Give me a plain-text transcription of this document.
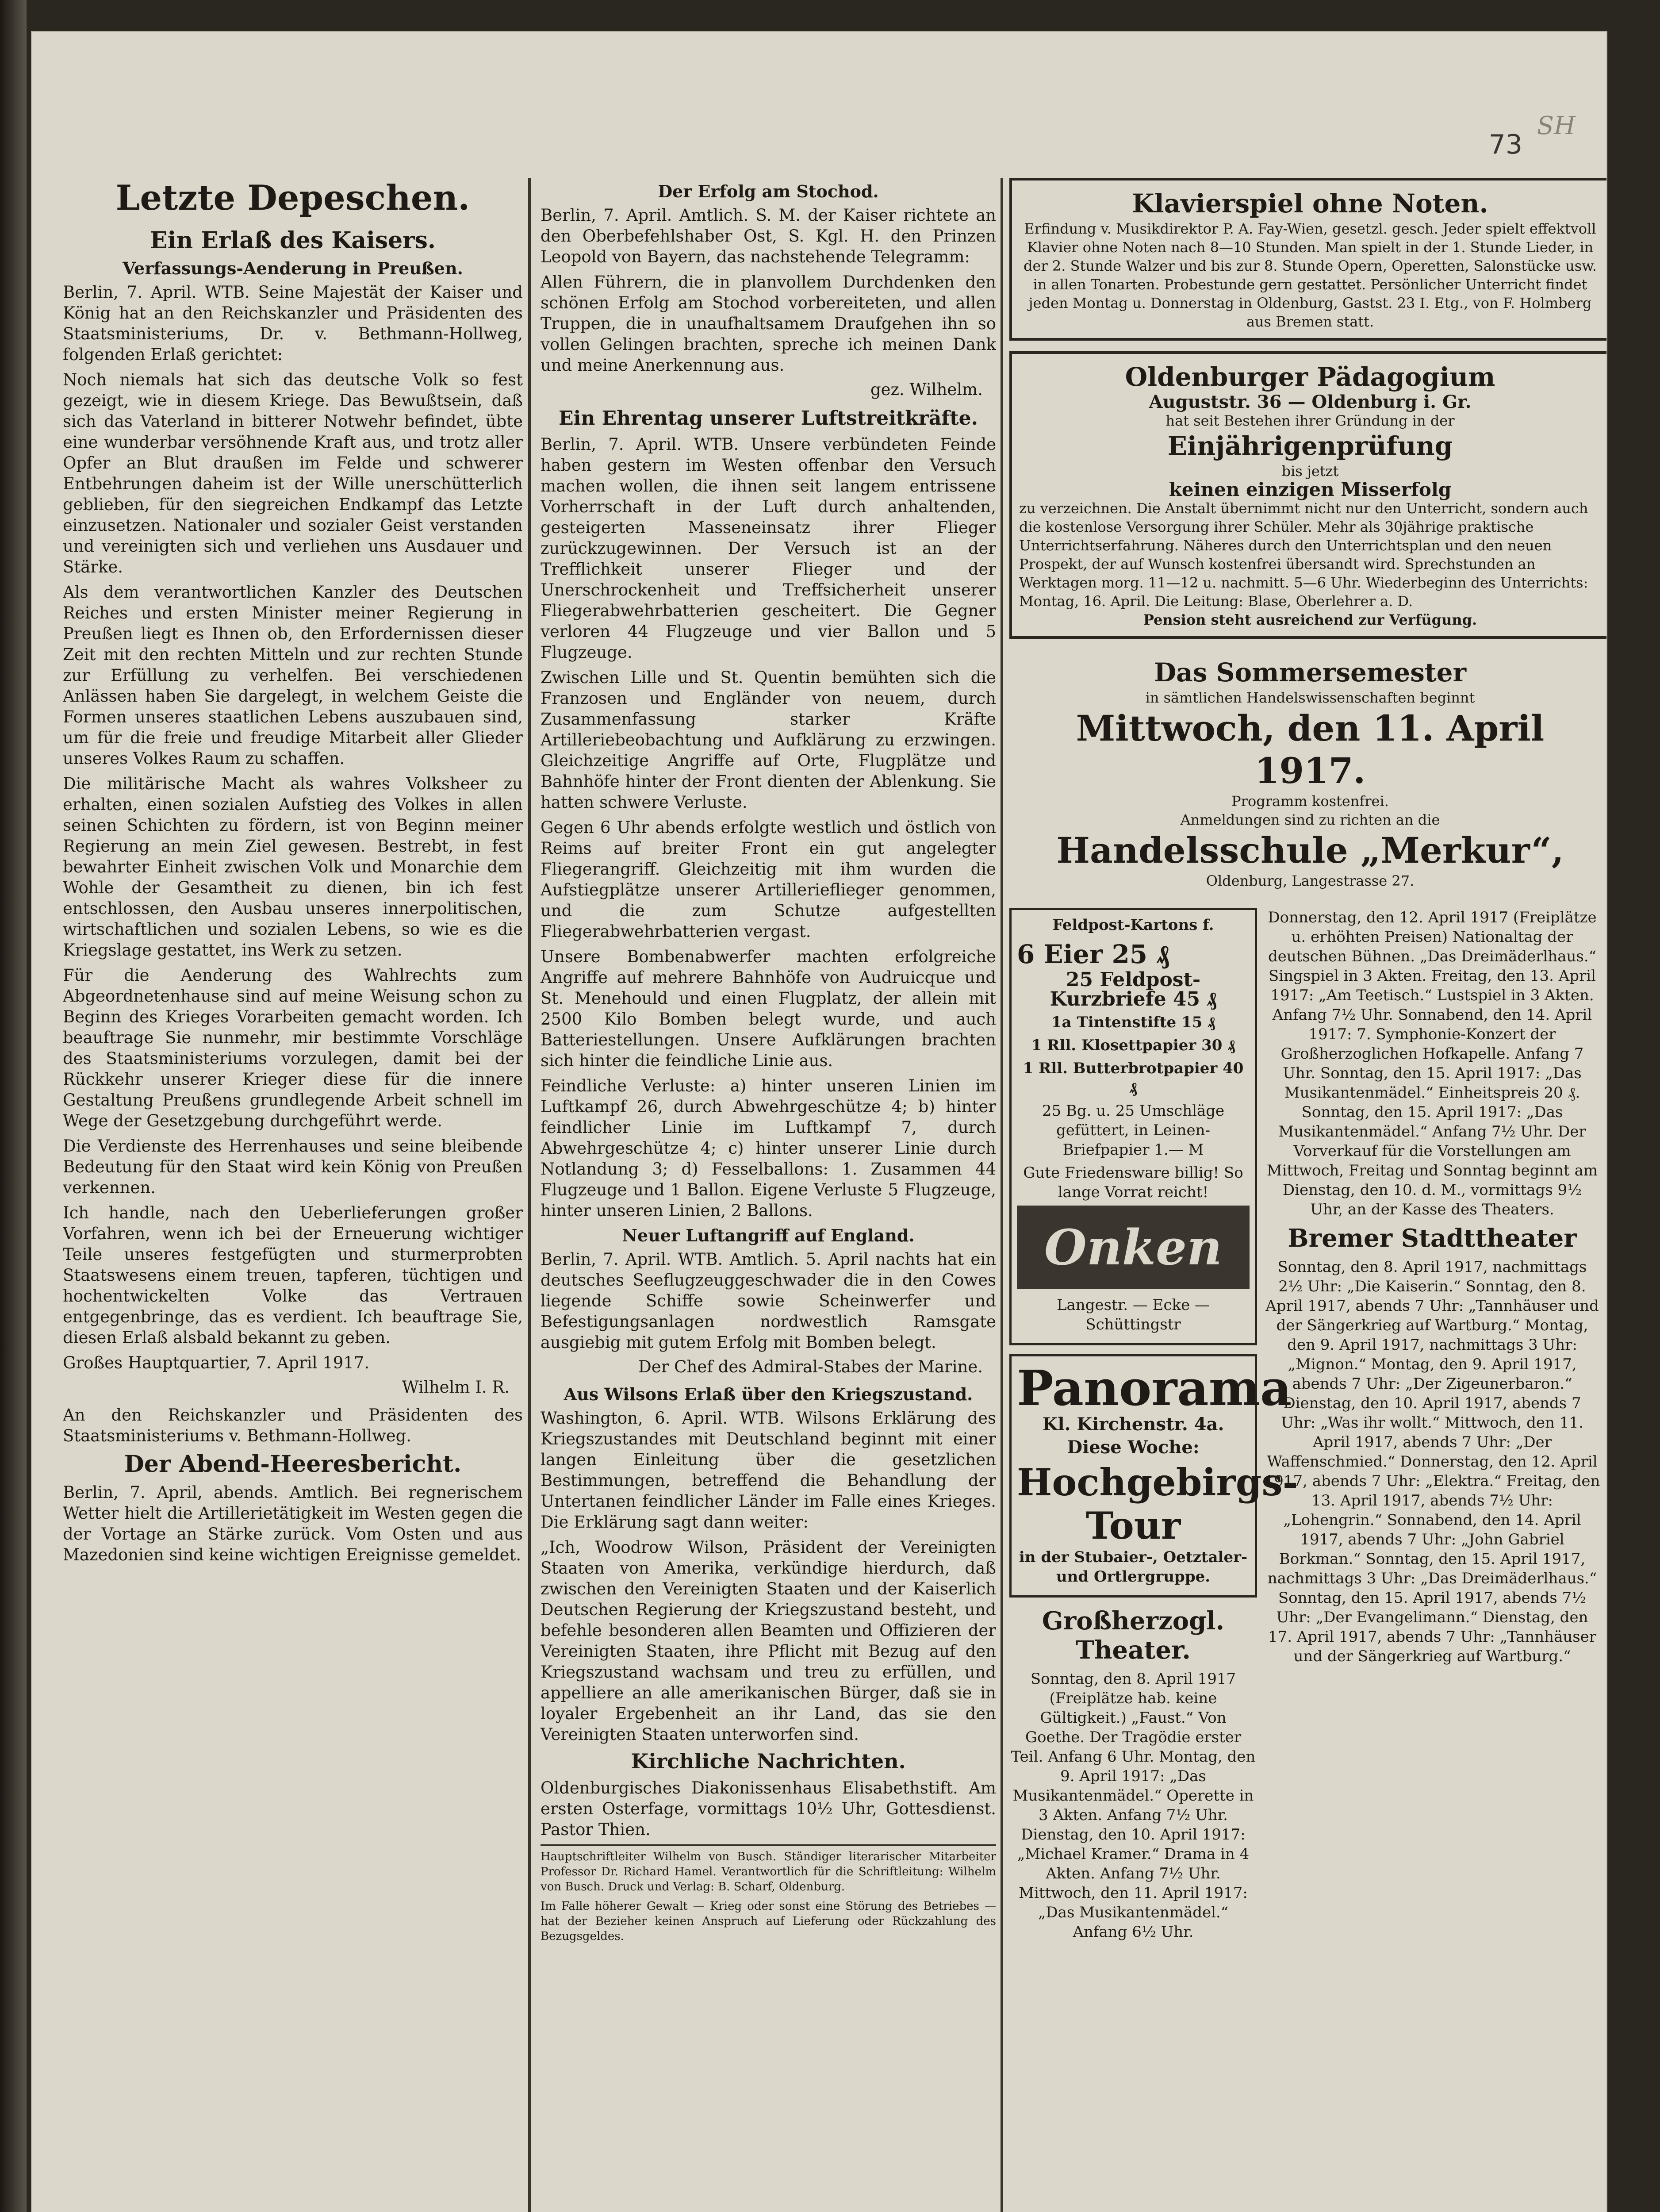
73
SH
Letzte Depeschen.
Ein Erlaß des Kaisers.
Verfassungs-Aenderung in Preußen.

Berlin, 7. April. WTB. Seine Majestät der Kaiser und König hat an den Reichskanzler und Präsidenten des Staatsministeriums, Dr. v. Bethmann-Hollweg, folgenden Erlaß gerichtet:

Noch niemals hat sich das deutsche Volk so fest gezeigt, wie in diesem Kriege. Das Bewußtsein, daß sich das Vaterland in bitterer Notwehr befindet, übte eine wunderbar versöhnende Kraft aus, und trotz aller Opfer an Blut draußen im Felde und schwerer Entbehrungen daheim ist der Wille unerschütterlich geblieben, für den siegreichen Endkampf das Letzte einzusetzen. Nationaler und sozialer Geist verstanden und vereinigten sich und verliehen uns Ausdauer und Stärke.

Als dem verantwortlichen Kanzler des Deutschen Reiches und ersten Minister meiner Regierung in Preußen liegt es Ihnen ob, den Erfordernissen dieser Zeit mit den rechten Mitteln und zur rechten Stunde zur Erfüllung zu verhelfen. Bei verschiedenen Anlässen haben Sie dargelegt, in welchem Geiste die Formen unseres staatlichen Lebens auszubauen sind, um für die freie und freudige Mitarbeit aller Glieder unseres Volkes Raum zu schaffen.

Die militärische Macht als wahres Volksheer zu erhalten, einen sozialen Aufstieg des Volkes in allen seinen Schichten zu fördern, ist von Beginn meiner Regierung an mein Ziel gewesen. Bestrebt, in fest bewahrter Einheit zwischen Volk und Monarchie dem Wohle der Gesamtheit zu dienen, bin ich fest entschlossen, den Ausbau unseres innerpolitischen, wirtschaftlichen und sozialen Lebens, so wie es die Kriegslage gestattet, ins Werk zu setzen.

Für die Aenderung des Wahlrechts zum Abgeordnetenhause sind auf meine Weisung schon zu Beginn des Krieges Vorarbeiten gemacht worden. Ich beauftrage Sie nunmehr, mir bestimmte Vorschläge des Staatsministeriums vorzulegen, damit bei der Rückkehr unserer Krieger diese für die innere Gestaltung Preußens grundlegende Arbeit schnell im Wege der Gesetzgebung durchgeführt werde.

Die Verdienste des Herrenhauses und seine bleibende Bedeutung für den Staat wird kein König von Preußen verkennen.

Ich handle, nach den Ueberlieferungen großer Vorfahren, wenn ich bei der Erneuerung wichtiger Teile unseres festgefügten und sturmerprobten Staatswesens einem treuen, tapferen, tüchtigen und hochentwickelten Volke das Vertrauen entgegenbringe, das es verdient. Ich beauftrage Sie, diesen Erlaß alsbald bekannt zu geben.

Großes Hauptquartier, 7. April 1917.

Wilhelm I. R.

An den Reichskanzler und Präsidenten des Staatsministeriums v. Bethmann-Hollweg.

Der Abend-Heeresbericht.

Berlin, 7. April, abends. Amtlich. Bei regnerischem Wetter hielt die Artillerietätigkeit im Westen gegen die der Vortage an Stärke zurück. Vom Osten und aus Mazedonien sind keine wichtigen Ereignisse gemeldet.

Der Erfolg am Stochod.

Berlin, 7. April. Amtlich. S. M. der Kaiser richtete an den Oberbefehlshaber Ost, S. Kgl. H. den Prinzen Leopold von Bayern, das nachstehende Telegramm:

Allen Führern, die in planvollem Durchdenken den schönen Erfolg am Stochod vorbereiteten, und allen Truppen, die in unaufhaltsamem Draufgehen ihn so vollen Gelingen brachten, spreche ich meinen Dank und meine Anerkennung aus.

gez. Wilhelm.
Ein Ehrentag unserer Luftstreitkräfte.

Berlin, 7. April. WTB. Unsere verbündeten Feinde haben gestern im Westen offenbar den Versuch machen wollen, die ihnen seit langem entrissene Vorherrschaft in der Luft durch anhaltenden, gesteigerten Masseneinsatz ihrer Flieger zurückzugewinnen. Der Versuch ist an der Trefflichkeit unserer Flieger und der Unerschrockenheit und Treffsicherheit unserer Fliegerabwehrbatterien gescheitert. Die Gegner verloren 44 Flugzeuge und vier Ballon und 5 Flugzeuge.

Zwischen Lille und St. Quentin bemühten sich die Franzosen und Engländer von neuem, durch Zusammenfassung starker Kräfte Artilleriebeobachtung und Aufklärung zu erzwingen. Gleichzeitige Angriffe auf Orte, Flugplätze und Bahnhöfe hinter der Front dienten der Ablenkung. Sie hatten schwere Verluste.

Gegen 6 Uhr abends erfolgte westlich und östlich von Reims auf breiter Front ein gut angelegter Fliegerangriff. Gleichzeitig mit ihm wurden die Aufstiegplätze unserer Artillerieflieger genommen, und die zum Schutze aufgestellten Fliegerabwehrbatterien vergast.

Unsere Bombenabwerfer machten erfolgreiche Angriffe auf mehrere Bahnhöfe von Audruicque und St. Menehould und einen Flugplatz, der allein mit 2500 Kilo Bomben belegt wurde, und auch Batteriestellungen. Unsere Aufklärungen brachten sich hinter die feindliche Linie aus.

Feindliche Verluste: a) hinter unseren Linien im Luftkampf 26, durch Abwehrgeschütze 4; b) hinter feindlicher Linie im Luftkampf 7, durch Abwehrgeschütze 4; c) hinter unserer Linie durch Notlandung 3; d) Fesselballons: 1. Zusammen 44 Flugzeuge und 1 Ballon. Eigene Verluste 5 Flugzeuge, hinter unseren Linien, 2 Ballons.

Neuer Luftangriff auf England.

Berlin, 7. April. WTB. Amtlich. 5. April nachts hat ein deutsches Seeflugzeuggeschwader die in den Cowes liegende Schiffe sowie Scheinwerfer und Befestigungsanlagen nordwestlich Ramsgate ausgiebig mit gutem Erfolg mit Bomben belegt.

Der Chef des Admiral-Stabes der Marine.
Aus Wilsons Erlaß über den Kriegszustand.

Washington, 6. April. WTB. Wilsons Erklärung des Kriegszustandes mit Deutschland beginnt mit einer langen Einleitung über die gesetzlichen Bestimmungen, betreffend die Behandlung der Untertanen feindlicher Länder im Falle eines Krieges. Die Erklärung sagt dann weiter:

„Ich, Woodrow Wilson, Präsident der Vereinigten Staaten von Amerika, verkündige hierdurch, daß zwischen den Vereinigten Staaten und der Kaiserlich Deutschen Regierung der Kriegszustand besteht, und befehle besonderen allen Beamten und Offizieren der Vereinigten Staaten, ihre Pflicht mit Bezug auf den Kriegszustand wachsam und treu zu erfüllen, und appelliere an alle amerikanischen Bürger, daß sie in loyaler Ergebenheit an ihr Land, das sie den Vereinigten Staaten unterworfen sind.

Kirchliche Nachrichten.

Oldenburgisches Diakonissenhaus Elisabethstift. Am ersten Osterfage, vormittags 10½ Uhr, Gottesdienst. Pastor Thien.

Hauptschriftleiter Wilhelm von Busch. Ständiger literarischer Mitarbeiter Professor Dr. Richard Hamel. Verantwortlich für die Schriftleitung: Wilhelm von Busch. Druck und Verlag: B. Scharf, Oldenburg.

Im Falle höherer Gewalt — Krieg oder sonst eine Störung des Betriebes — hat der Bezieher keinen Anspruch auf Lieferung oder Rückzahlung des Bezugsgeldes.

Klavierspiel ohne Noten.
Erfindung v. Musikdirektor P. A. Fay-Wien, gesetzl. gesch. Jeder spielt effektvoll Klavier ohne Noten nach 8—10 Stunden. Man spielt in der 1. Stunde Lieder, in der 2. Stunde Walzer und bis zur 8. Stunde Opern, Operetten, Salonstücke usw. in allen Tonarten. Probestunde gern gestattet. Persönlicher Unterricht findet jeden Montag u. Donnerstag in Oldenburg, Gastst. 23 I. Etg., von F. Holmberg aus Bremen statt.
Oldenburger Pädagogium
Auguststr. 36 — Oldenburg i. Gr.
hat seit Bestehen ihrer Gründung in der
Einjährigenprüfung
bis jetzt
keinen einzigen Misserfolg
zu verzeichnen. Die Anstalt übernimmt nicht nur den Unterricht, sondern auch die kostenlose Versorgung ihrer Schüler. Mehr als 30jährige praktische Unterrichtserfahrung. Näheres durch den Unterrichtsplan und den neuen Prospekt, der auf Wunsch kostenfrei übersandt wird. Sprechstunden an Werktagen morg. 11—12 u. nachmitt. 5—6 Uhr. Wiederbeginn des Unterrichts: Montag, 16. April. Die Leitung: Blase, Oberlehrer a. D.
Pension steht ausreichend zur Verfügung.
Das Sommersemester
in sämtlichen Handelswissenschaften beginnt
Mittwoch, den 11. April 1917.
Programm kostenfrei.
Anmeldungen sind zu richten an die
Handelsschule „Merkur“,
Oldenburg, Langestrasse 27.
Feldpost-Kartons f.
6 Eier 25 ₰
25 Feldpost-Kurzbriefe 45 ₰
1a Tintenstifte 15 ₰
1 Rll. Klosettpapier 30 ₰
1 Rll. Butterbrotpapier 40 ₰
25 Bg. u. 25 Umschläge gefüttert, in Leinen-Briefpapier 1.— M
Gute Friedensware billig! So lange Vorrat reicht!
Onken
Langestr. — Ecke — Schüttingstr
Panorama
Kl. Kirchenstr. 4a.
Diese Woche:
Hochgebirgs-Tour
in der Stubaier-, Oetztaler- und Ortlergruppe.
Großherzogl. Theater.

Sonntag, den 8. April 1917 (Freiplätze hab. keine Gültigkeit.) „Faust.“ Von Goethe. Der Tragödie erster Teil. Anfang 6 Uhr. Montag, den 9. April 1917: „Das Musikantenmädel.“ Operette in 3 Akten. Anfang 7½ Uhr. Dienstag, den 10. April 1917: „Michael Kramer.“ Drama in 4 Akten. Anfang 7½ Uhr. Mittwoch, den 11. April 1917: „Das Musikantenmädel.“ Anfang 6½ Uhr.

Donnerstag, den 12. April 1917 (Freiplätze u. erhöhten Preisen) Nationaltag der deutschen Bühnen. „Das Dreimäderlhaus.“ Singspiel in 3 Akten. Freitag, den 13. April 1917: „Am Teetisch.“ Lustspiel in 3 Akten. Anfang 7½ Uhr. Sonnabend, den 14. April 1917: 7. Symphonie-Konzert der Großherzoglichen Hofkapelle. Anfang 7 Uhr. Sonntag, den 15. April 1917: „Das Musikantenmädel.“ Einheitspreis 20 ₰. Sonntag, den 15. April 1917: „Das Musikantenmädel.“ Anfang 7½ Uhr. Der Vorverkauf für die Vorstellungen am Mittwoch, Freitag und Sonntag beginnt am Dienstag, den 10. d. M., vormittags 9½ Uhr, an der Kasse des Theaters.

Bremer Stadttheater

Sonntag, den 8. April 1917, nachmittags 2½ Uhr: „Die Kaiserin.“ Sonntag, den 8. April 1917, abends 7 Uhr: „Tannhäuser und der Sängerkrieg auf Wartburg.“ Montag, den 9. April 1917, nachmittags 3 Uhr: „Mignon.“ Montag, den 9. April 1917, abends 7 Uhr: „Der Zigeunerbaron.“ Dienstag, den 10. April 1917, abends 7 Uhr: „Was ihr wollt.“ Mittwoch, den 11. April 1917, abends 7 Uhr: „Der Waffenschmied.“ Donnerstag, den 12. April 1917, abends 7 Uhr: „Elektra.“ Freitag, den 13. April 1917, abends 7½ Uhr: „Lohengrin.“ Sonnabend, den 14. April 1917, abends 7 Uhr: „John Gabriel Borkman.“ Sonntag, den 15. April 1917, nachmittags 3 Uhr: „Das Dreimäderlhaus.“ Sonntag, den 15. April 1917, abends 7½ Uhr: „Der Evangelimann.“ Dienstag, den 17. April 1917, abends 7 Uhr: „Tannhäuser und der Sängerkrieg auf Wartburg.“
